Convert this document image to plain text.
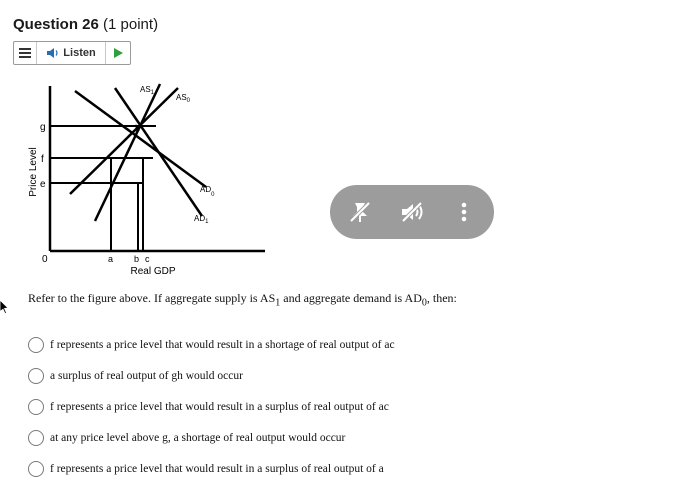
Question 26 (1 point)
Listen
Price Level
g
f
e
0	a b c
Real GDP
h
$AS_1$	$AS_0$
$AD_0$
$AD_1$
Refer to the figure above. If aggregate supply is $AS_1$ and aggregate demand is $AD_0$, then:
f represents a price level that would result in a shortage of real output of ac
a surplus of real output of gh would occur
f represents a price level that would result in a surplus of real output of ac
at any price level above g, a shortage of real output would occur
f represents a price level that would result in a surplus of real output of a
